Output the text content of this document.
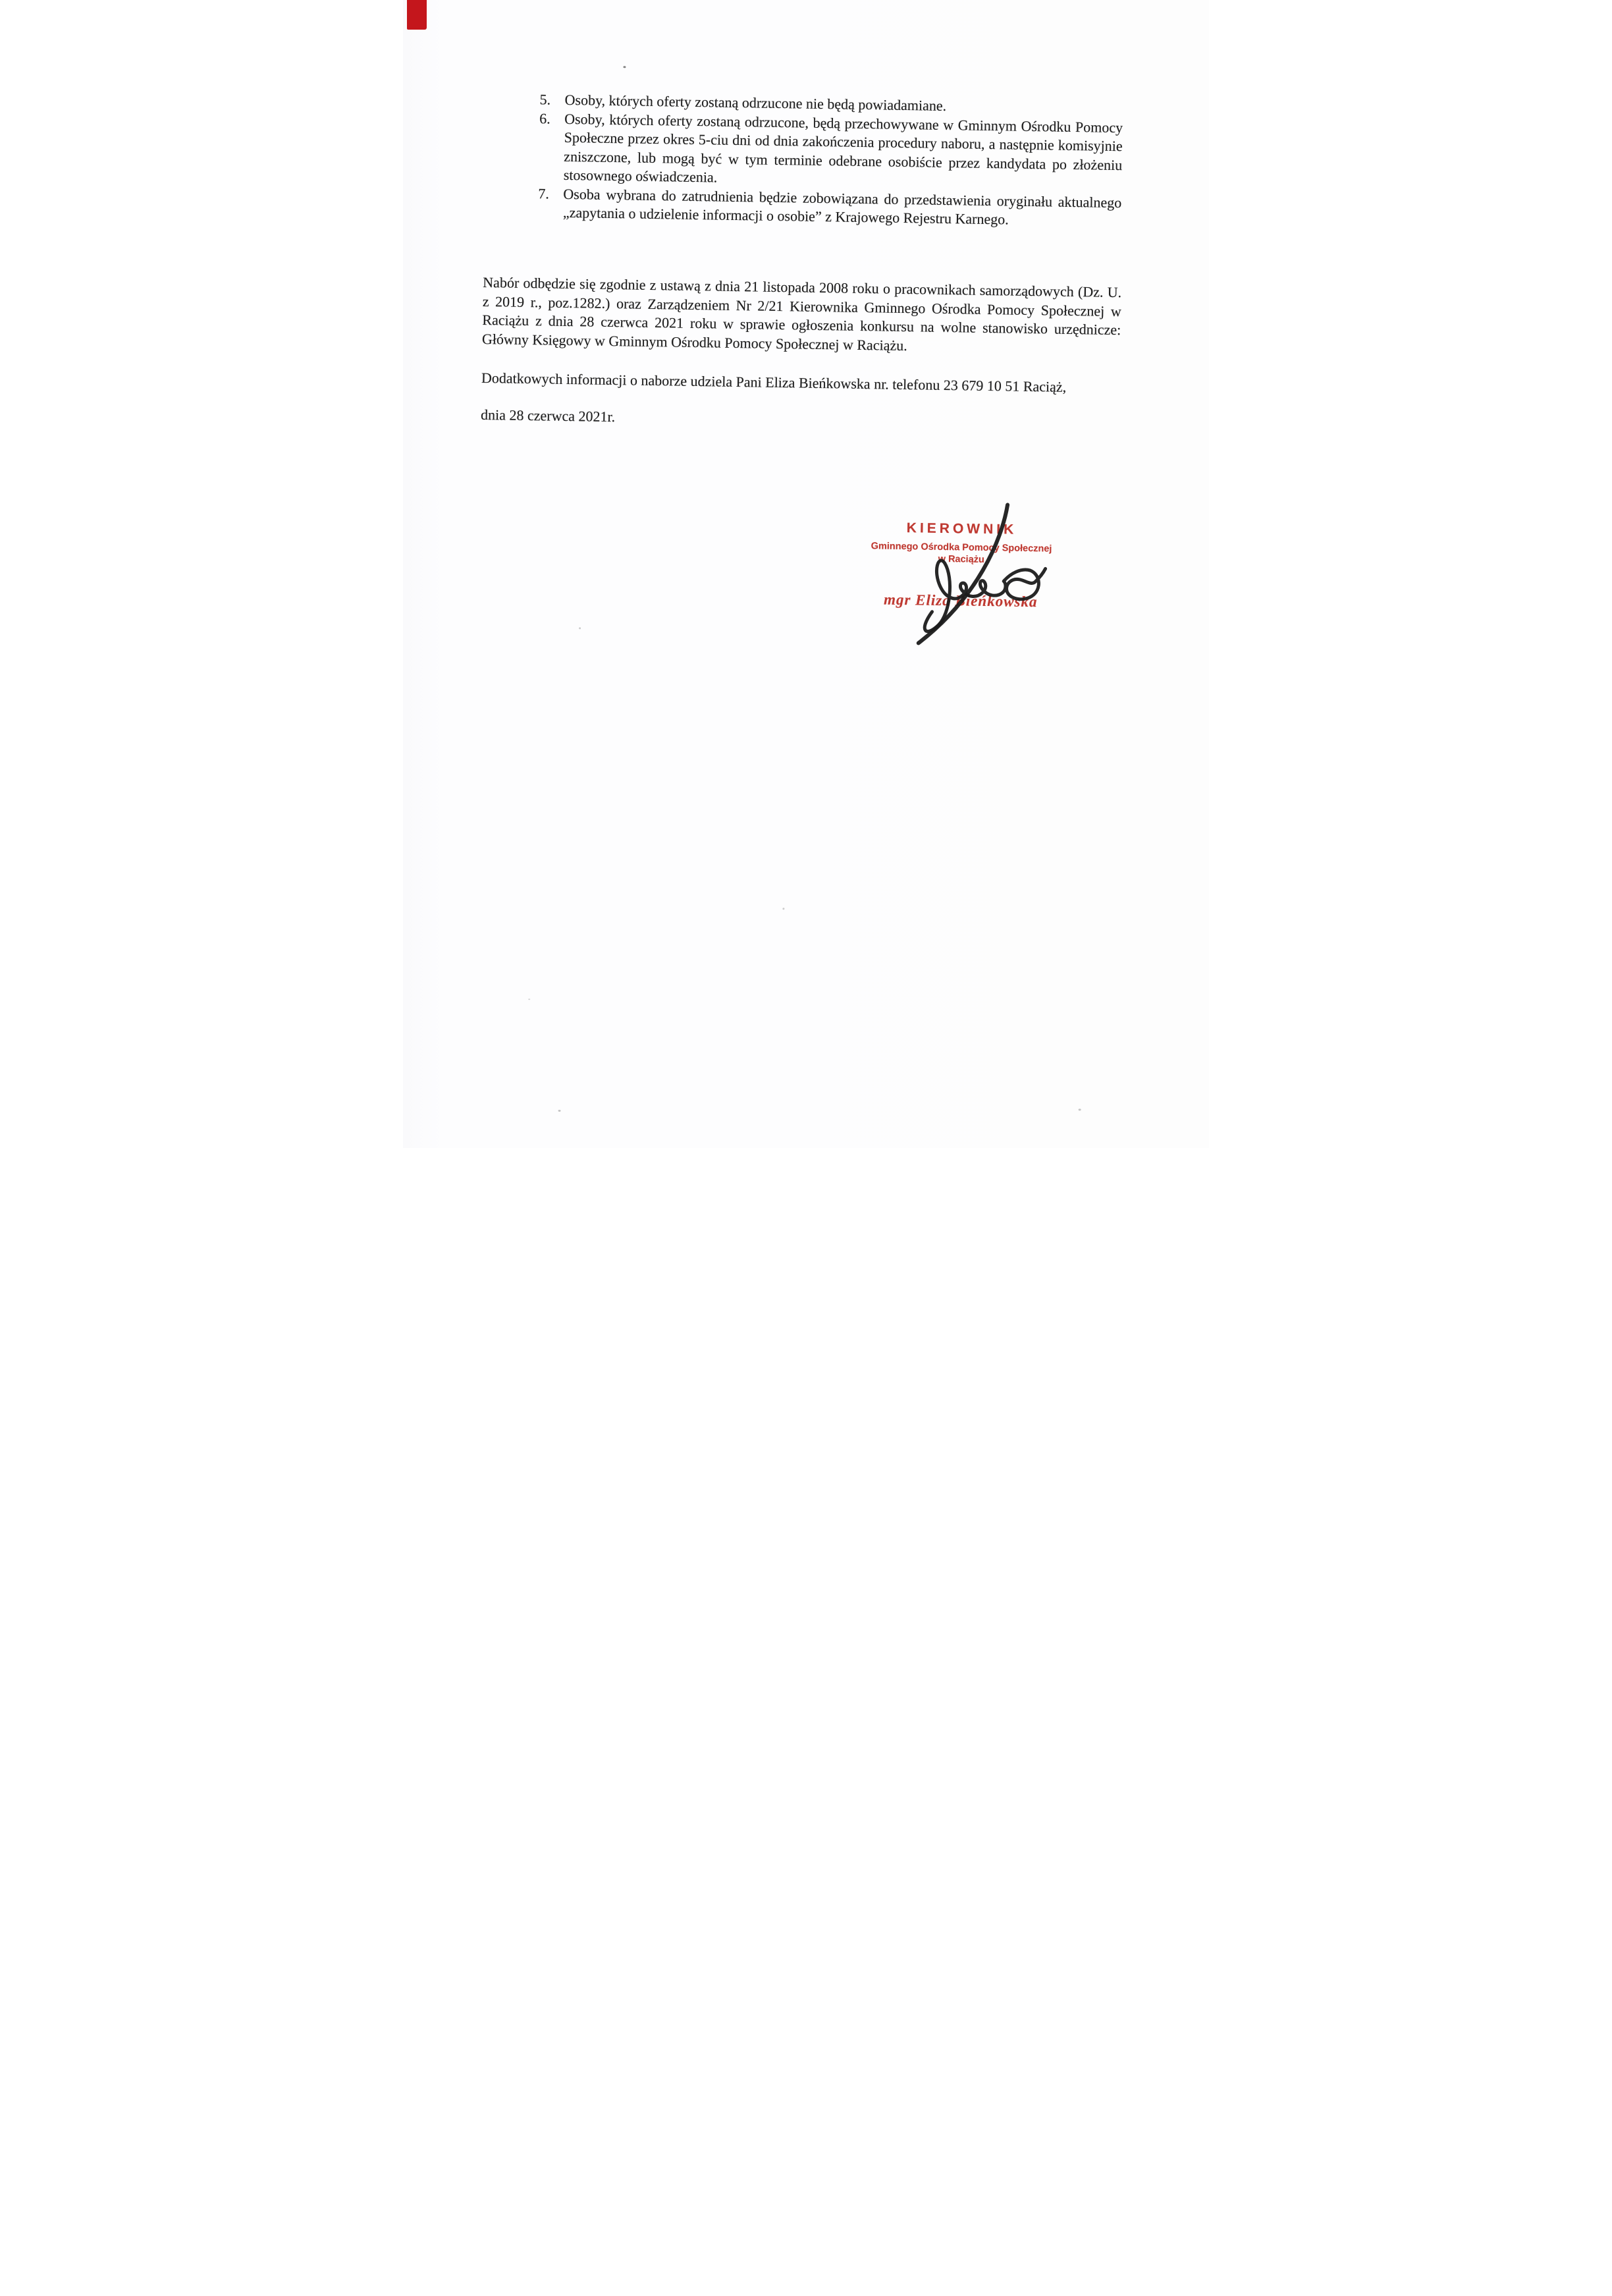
5. Osoby, których oferty zostaną odrzucone nie będą powiadamiane.
6. Osoby, których oferty zostaną odrzucone, będą przechowywane w Gminnym Ośrodku Pomocy Społeczne przez okres 5-ciu dni od dnia zakończenia procedury naboru, a następnie komisyjnie zniszczone, lub mogą być w tym terminie odebrane osobiście przez kandydata po złożeniu stosownego oświadczenia.
7. Osoba wybrana do zatrudnienia będzie zobowiązana do przedstawienia oryginału aktualnego „zapytania o udzielenie informacji o osobie” z Krajowego Rejestru Karnego.

Nabór odbędzie się zgodnie z ustawą z dnia 21 listopada 2008 roku o pracownikach samorządowych (Dz. U. z 2019 r., poz.1282.) oraz Zarządzeniem Nr 2/21 Kierownika Gminnego Ośrodka Pomocy Społecznej w Raciążu z dnia 28 czerwca 2021 roku w sprawie ogłoszenia konkursu na wolne stanowisko urzędnicze: Główny Księgowy w Gminnym Ośrodku Pomocy Społecznej w Raciążu.

Dodatkowych informacji o naborze udziela Pani Eliza Bieńkowska nr. telefonu 23 679 10 51 Raciąż,

dnia 28 czerwca 2021r.

KIEROWNIK
Gminnego Ośrodka Pomocy Społecznej
w Raciążu
mgr Eliza Bieńkowska
